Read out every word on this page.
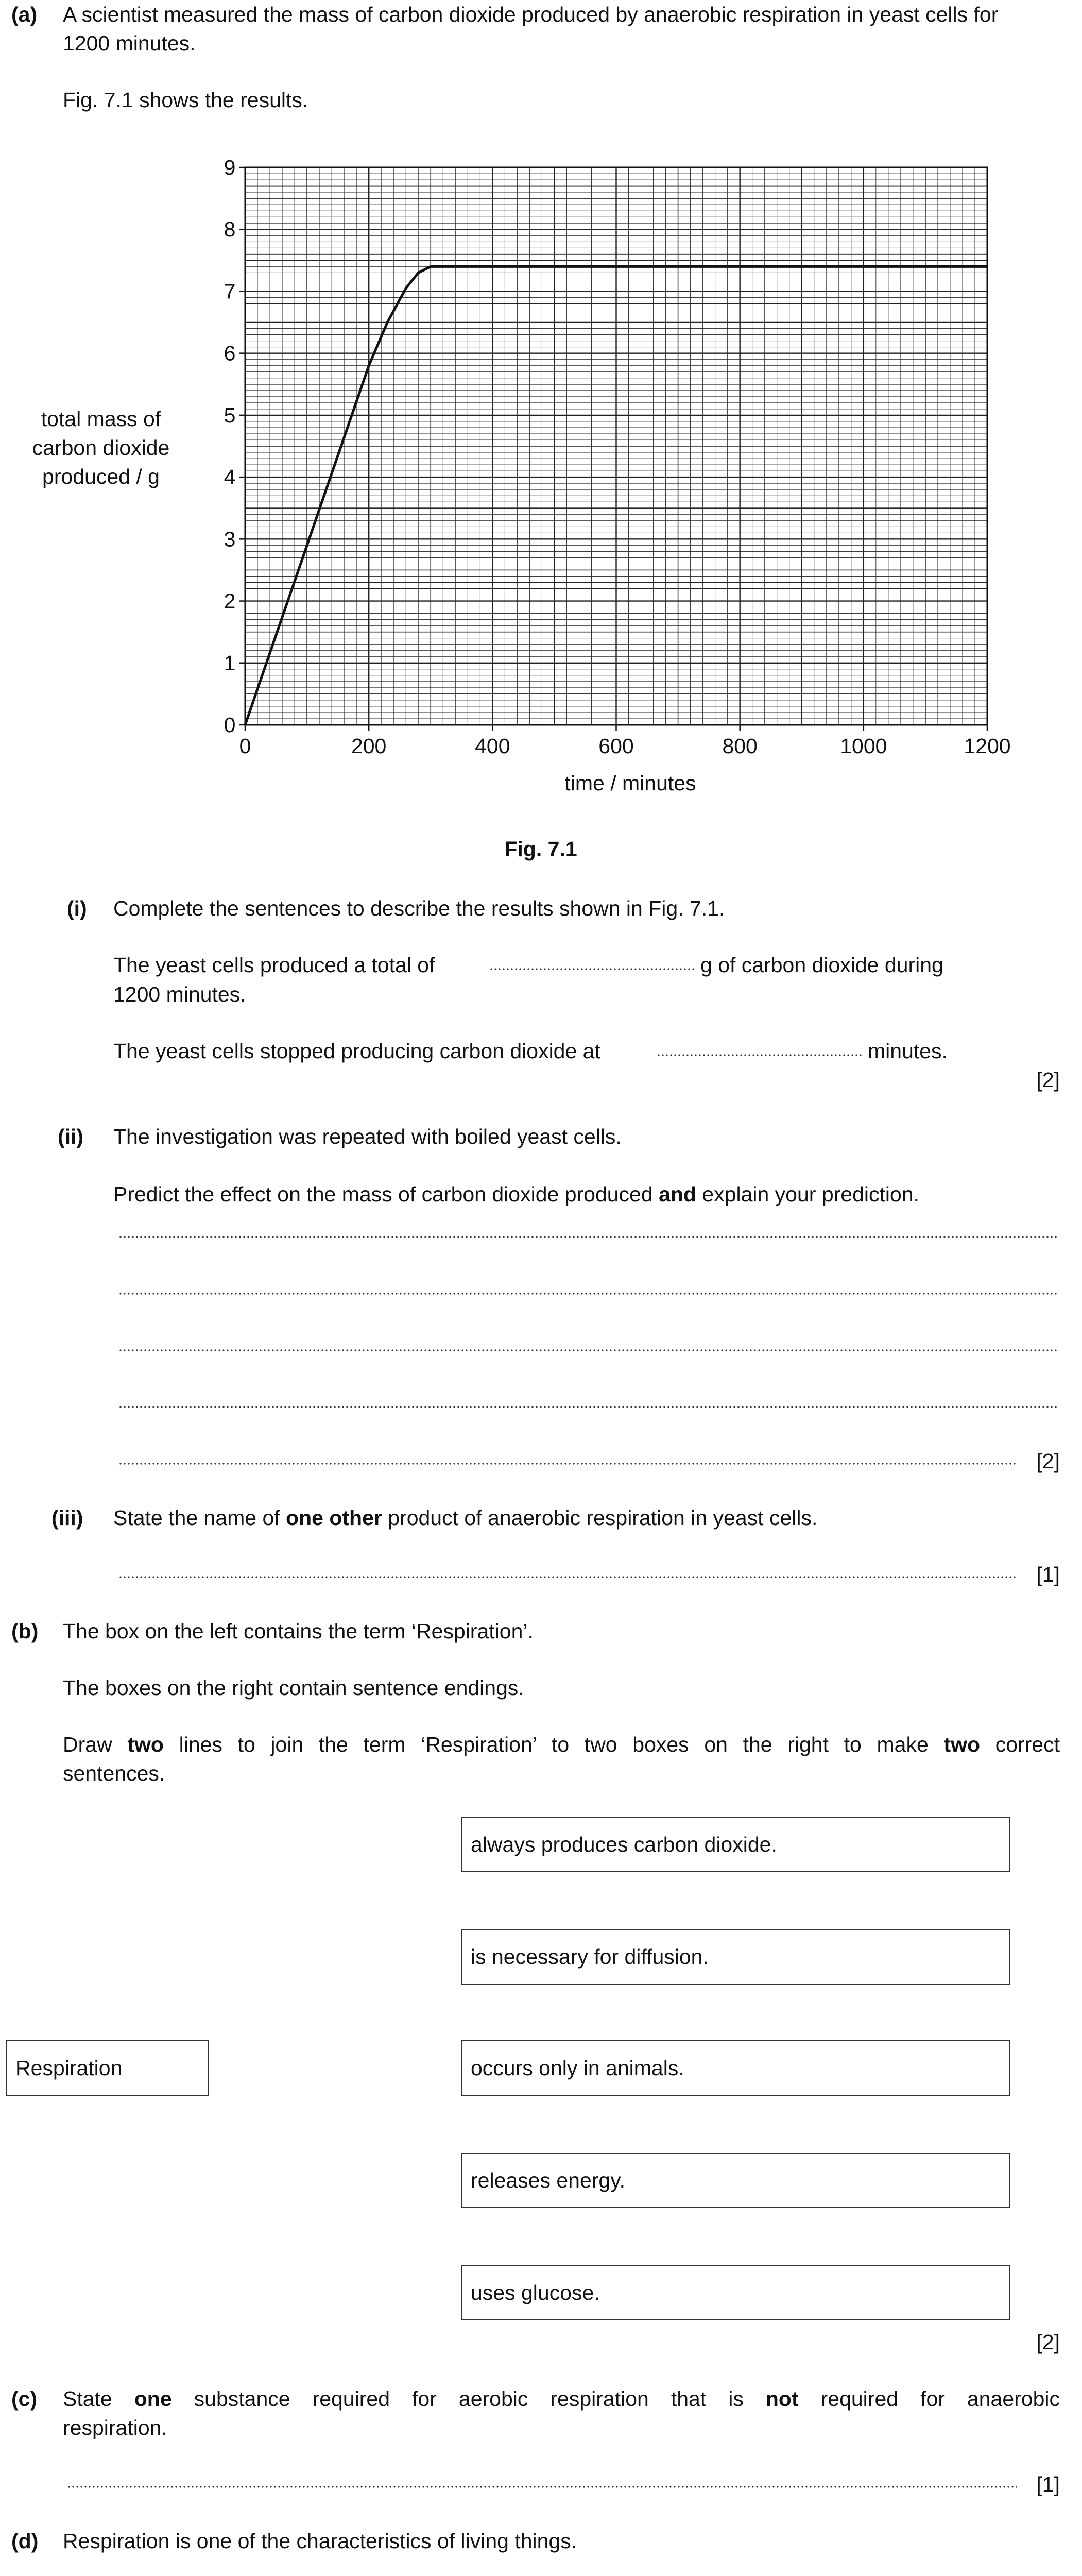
(a) A scientist measured the mass of carbon dioxide produced by anaerobic respiration in yeast cells for 1200 minutes.
Fig. 7.1 shows the results.
0	200	400	600	800	1000	1200
0
1
2
3
4
5
6
7
8
9
time / minutes
total mass of
carbon dioxide
produced / g
Fig. 7.1
(i) Complete the sentences to describe the results shown in Fig. 7.1.
The yeast cells produced a total of	g of carbon dioxide during
1200 minutes.
The yeast cells stopped producing carbon dioxide at	minutes.
[2]
(ii) The investigation was repeated with boiled yeast cells.
Predict the effect on the mass of carbon dioxide produced and explain your prediction.
[2]
(iii) State the name of one other product of anaerobic respiration in yeast cells.
[1]
(b) The box on the left contains the term ‘Respiration’.
The boxes on the right contain sentence endings.
Draw two lines to join the term ‘Respiration’ to two boxes on the right to make two correct
sentences.
Respiration
always produces carbon dioxide.
is necessary for diffusion.
occurs only in animals.
releases energy.
uses glucose.
[2]
(c) State one substance required for aerobic respiration that is not required for anaerobic
respiration.
[1]
(d) Respiration is one of the characteristics of living things.
